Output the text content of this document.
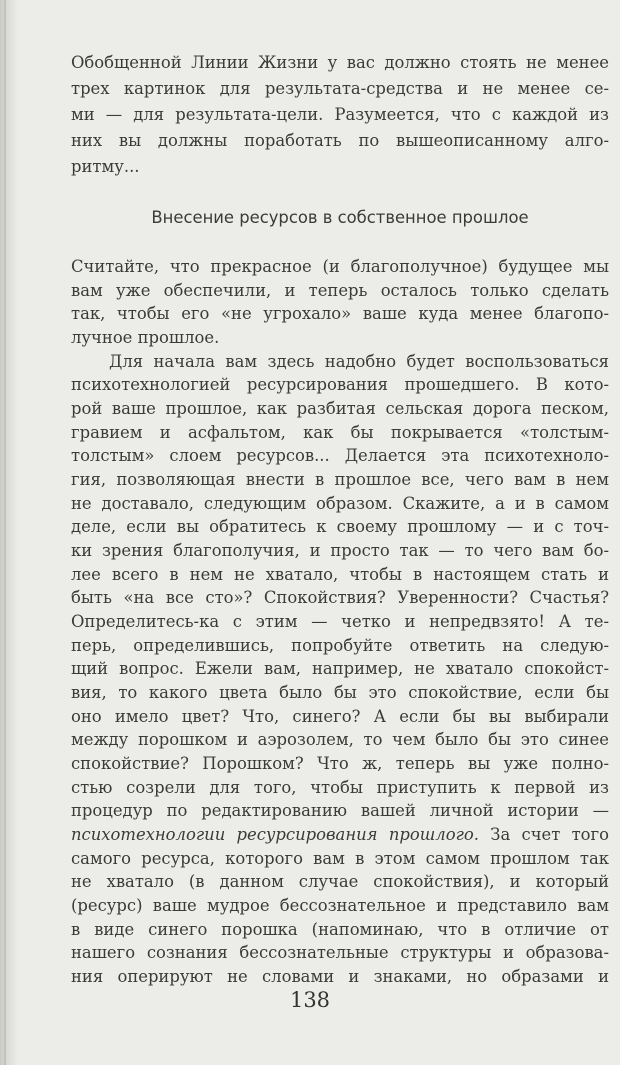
Обобщенной Линии Жизни у вас должно стоять не менее
трех картинок для результата-средства и не менее се-
ми — для результата-цели. Разумеется, что с каждой из
них вы должны поработать по вышеописанному алго-
ритму...
Внесение ресурсов в собственное прошлое
Считайте, что прекрасное (и благополучное) будущее мы
вам уже обеспечили, и теперь осталось только сделать
так, чтобы его «не угрохало» ваше куда менее благопо-
лучное прошлое.
Для начала вам здесь надобно будет воспользоваться
психотехнологией ресурсирования прошедшего. В кото-
рой ваше прошлое, как разбитая сельская дорога песком,
гравием и асфальтом, как бы покрывается «толстым-
толстым» слоем ресурсов... Делается эта психотехноло-
гия, позволяющая внести в прошлое все, чего вам в нем
не доставало, следующим образом. Скажите, а и в самом
деле, если вы обратитесь к своему прошлому — и с точ-
ки зрения благополучия, и просто так — то чего вам бо-
лее всего в нем не хватало, чтобы в настоящем стать и
быть «на все сто»? Спокойствия? Уверенности? Счастья?
Определитесь-ка с этим — четко и непредвзято! А те-
перь, определившись, попробуйте ответить на следую-
щий вопрос. Ежели вам, например, не хватало спокойст-
вия, то какого цвета было бы это спокойствие, если бы
оно имело цвет? Что, синего? А если бы вы выбирали
между порошком и аэрозолем, то чем было бы это синее
спокойствие? Порошком? Что ж, теперь вы уже полно-
стью созрели для того, чтобы приступить к первой из
процедур по редактированию вашей личной истории —
психотехнологии ресурсирования прошлого. За счет того
самого ресурса, которого вам в этом самом прошлом так
не хватало (в данном случае спокойствия), и который
(ресурс) ваше мудрое бессознательное и представило вам
138
в виде синего порошка (напоминаю, что в отличие от
нашего сознания бессознательные структуры и образова-
ния оперируют не словами и знаками, но образами и
